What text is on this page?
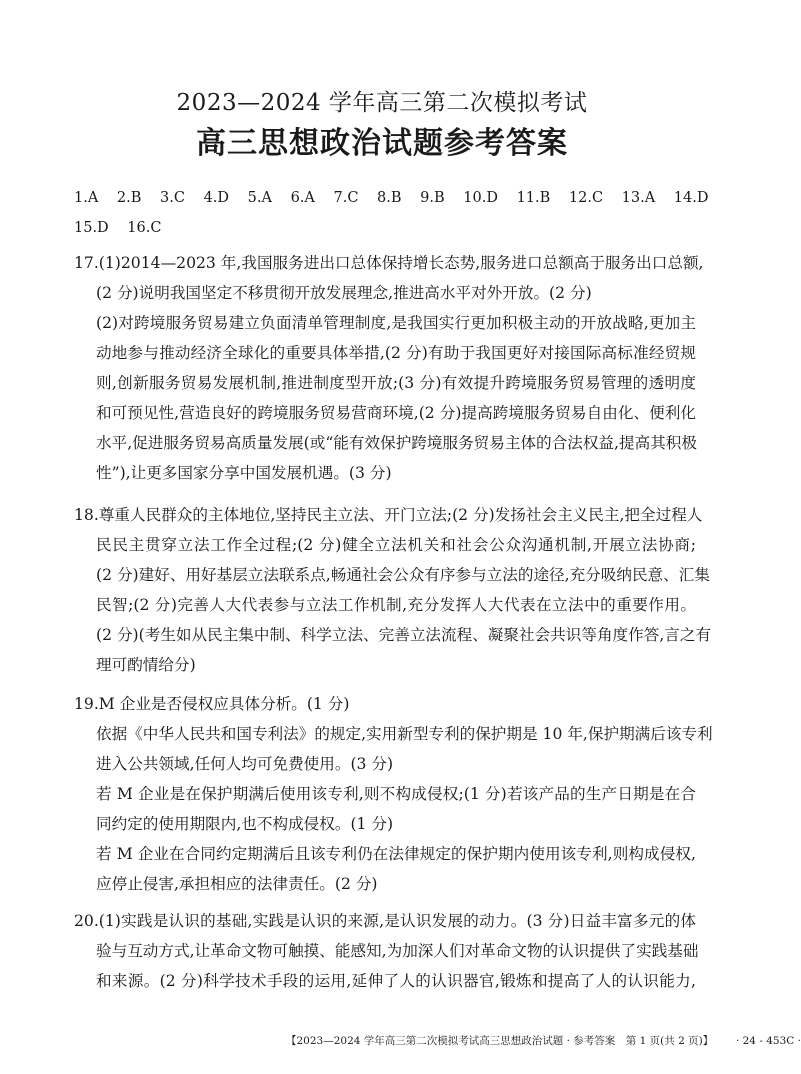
2023—2024 学年高三第二次模拟考试
高三思想政治试题参考答案
1.A 2.B 3.C 4.D 5.A 6.A 7.C 8.B 9.B 10.D 11.B 12.C 13.A 14.D
15.D 16.C
17.(1)2014—2023 年,我国服务进出口总体保持增长态势,服务进口总额高于服务出口总额,
(2 分)说明我国坚定不移贯彻开放发展理念,推进高水平对外开放。(2 分)
(2)对跨境服务贸易建立负面清单管理制度,是我国实行更加积极主动的开放战略,更加主
动地参与推动经济全球化的重要具体举措,(2 分)有助于我国更好对接国际高标准经贸规
则,创新服务贸易发展机制,推进制度型开放;(3 分)有效提升跨境服务贸易管理的透明度
和可预见性,营造良好的跨境服务贸易营商环境,(2 分)提高跨境服务贸易自由化、便利化
水平,促进服务贸易高质量发展(或“能有效保护跨境服务贸易主体的合法权益,提高其积极
性”),让更多国家分享中国发展机遇。(3 分)
18.尊重人民群众的主体地位,坚持民主立法、开门立法;(2 分)发扬社会主义民主,把全过程人
民民主贯穿立法工作全过程;(2 分)健全立法机关和社会公众沟通机制,开展立法协商;
(2 分)建好、用好基层立法联系点,畅通社会公众有序参与立法的途径,充分吸纳民意、汇集
民智;(2 分)完善人大代表参与立法工作机制,充分发挥人大代表在立法中的重要作用。
(2 分)(考生如从民主集中制、科学立法、完善立法流程、凝聚社会共识等角度作答,言之有
理可酌情给分)
19.M 企业是否侵权应具体分析。(1 分)
依据《中华人民共和国专利法》的规定,实用新型专利的保护期是 10 年,保护期满后该专利
进入公共领域,任何人均可免费使用。(3 分)
若 M 企业是在保护期满后使用该专利,则不构成侵权;(1 分)若该产品的生产日期是在合
同约定的使用期限内,也不构成侵权。(1 分)
若 M 企业在合同约定期满后且该专利仍在法律规定的保护期内使用该专利,则构成侵权,
应停止侵害,承担相应的法律责任。(2 分)
20.(1)实践是认识的基础,实践是认识的来源,是认识发展的动力。(3 分)日益丰富多元的体
验与互动方式,让革命文物可触摸、能感知,为加深人们对革命文物的认识提供了实践基础
和来源。(2 分)科学技术手段的运用,延伸了人的认识器官,锻炼和提高了人的认识能力,
【2023—2024 学年高三第二次模拟考试高三思想政治试题 · 参考答案　第 1 页(共 2 页)】	· 24 - 453C ·
